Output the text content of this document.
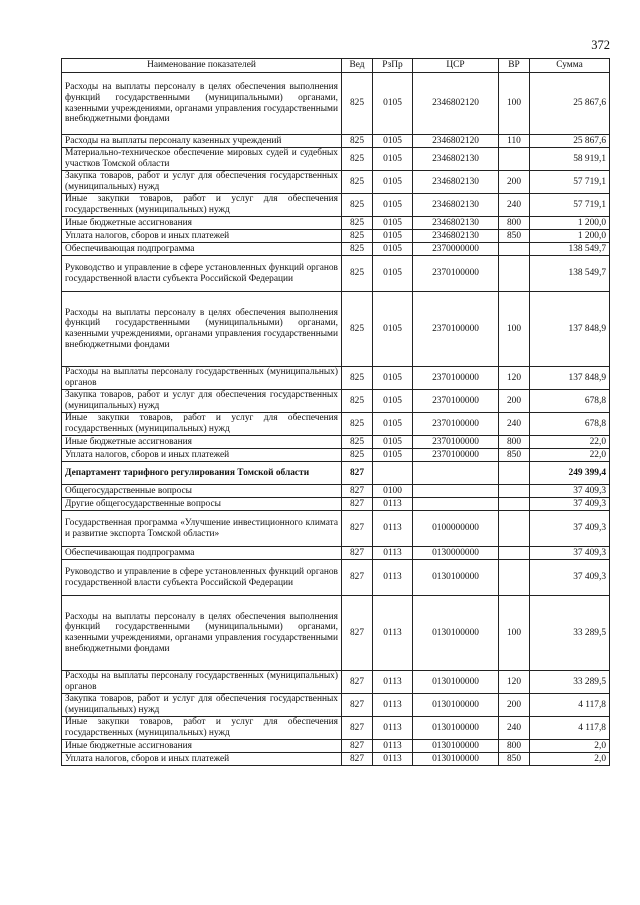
372
Наименование показателей	Вед	РзПр	ЦСР	ВР	Сумма
Расходы на выплаты персоналу в целях обеспечения выполнения функций государственными (муниципальными) органами, казенными учреждениями, органами управления государственными внебюджетными фондами	825	0105	2346802120	100	25 867,6
Расходы на выплаты персоналу казенных учреждений	825	0105	2346802120	110	25 867,6
Материально-техническое обеспечение мировых судей и судебных участков Томской области	825	0105	2346802130		58 919,1
Закупка товаров, работ и услуг для обеспечения государственных (муниципальных) нужд	825	0105	2346802130	200	57 719,1
Иные закупки товаров, работ и услуг для обеспечения государственных (муниципальных) нужд	825	0105	2346802130	240	57 719,1
Иные бюджетные ассигнования	825	0105	2346802130	800	1 200,0
Уплата налогов, сборов и иных платежей	825	0105	2346802130	850	1 200,0
Обеспечивающая подпрограмма	825	0105	2370000000		138 549,7
Руководство и управление в сфере установленных функций органов государственной власти субъекта Российской Федерации	825	0105	2370100000		138 549,7
Расходы на выплаты персоналу в целях обеспечения выполнения функций государственными (муниципальными) органами, казенными учреждениями, органами управления государственными внебюджетными фондами	825	0105	2370100000	100	137 848,9
Расходы на выплаты персоналу государственных (муниципальных) органов	825	0105	2370100000	120	137 848,9
Закупка товаров, работ и услуг для обеспечения государственных (муниципальных) нужд	825	0105	2370100000	200	678,8
Иные закупки товаров, работ и услуг для обеспечения государственных (муниципальных) нужд	825	0105	2370100000	240	678,8
Иные бюджетные ассигнования	825	0105	2370100000	800	22,0
Уплата налогов, сборов и иных платежей	825	0105	2370100000	850	22,0
Департамент тарифного регулирования Томской области	827				249 399,4
Общегосударственные вопросы	827	0100			37 409,3
Другие общегосударственные вопросы	827	0113			37 409,3
Государственная программа «Улучшение инвестиционного климата и развитие экспорта Томской области»	827	0113	0100000000		37 409,3
Обеспечивающая подпрограмма	827	0113	0130000000		37 409,3
Руководство и управление в сфере установленных функций органов государственной власти субъекта Российской Федерации	827	0113	0130100000		37 409,3
Расходы на выплаты персоналу в целях обеспечения выполнения функций государственными (муниципальными) органами, казенными учреждениями, органами управления государственными внебюджетными фондами	827	0113	0130100000	100	33 289,5
Расходы на выплаты персоналу государственных (муниципальных) органов	827	0113	0130100000	120	33 289,5
Закупка товаров, работ и услуг для обеспечения государственных (муниципальных) нужд	827	0113	0130100000	200	4 117,8
Иные закупки товаров, работ и услуг для обеспечения государственных (муниципальных) нужд	827	0113	0130100000	240	4 117,8
Иные бюджетные ассигнования	827	0113	0130100000	800	2,0
Уплата налогов, сборов и иных платежей	827	0113	0130100000	850	2,0
